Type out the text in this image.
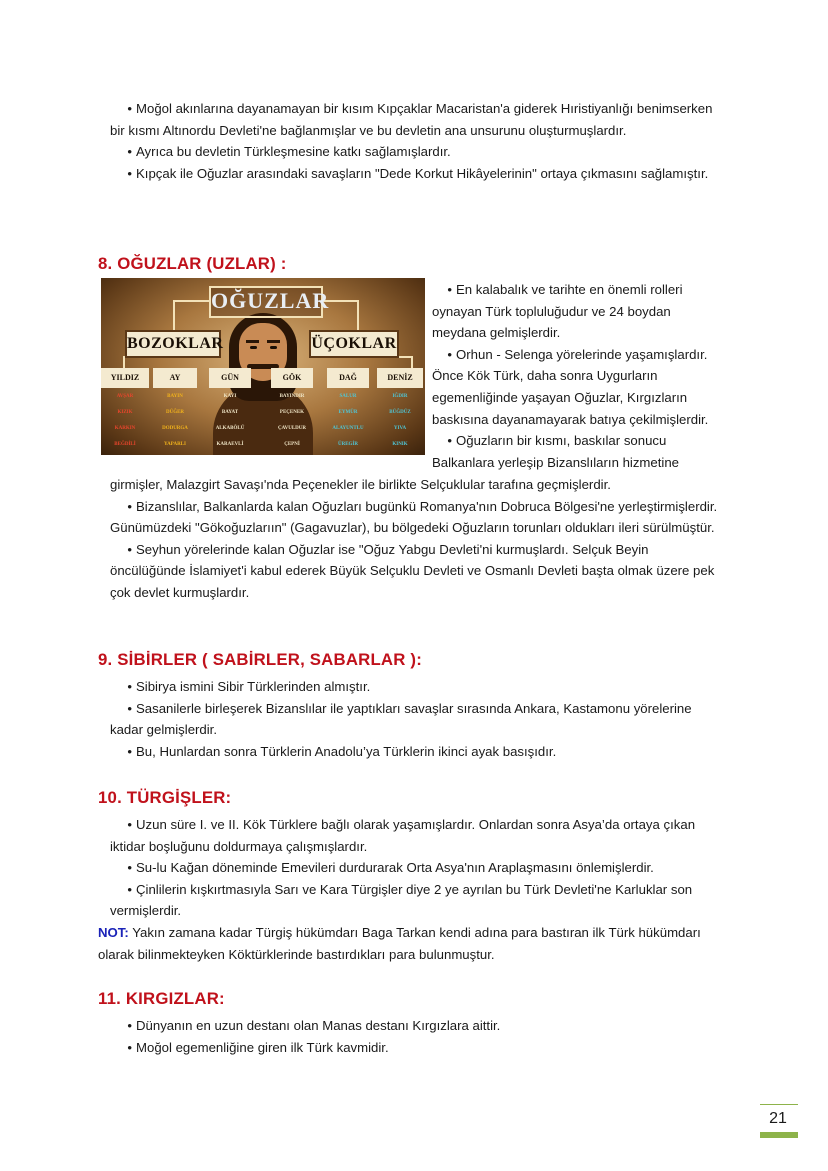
• Moğol akınlarına dayanamayan bir kısım Kıpçaklar Macaristan'a giderek Hıristiyanlığı benimserken bir kısmı Altınordu Devleti'ne bağlanmışlar ve bu devletin ana unsurunu oluşturmuşlardır.
• Ayrıca bu devletin Türkleşmesine katkı sağlamışlardır.
• Kıpçak ile Oğuzlar arasındaki savaşların "Dede Korkut Hikâyelerinin" ortaya çıkmasını sağlamıştır.
8. OĞUZLAR (UZLAR) :
OĞUZLAR
BOZOKLAR	ÜÇOKLAR
YILDIZ	AY	GÜN	GÖK	DAĞ	DENİZ
AVŞAR	BAYIN	KAYI	BAYINDIR	SALUR	IĞDIR
KIZIK	DÜĞER	BAYAT	PEÇENEK	EYMÜR	BÜĞDÜZ
KARKIN	DODURGA	ALKABÖLÜ	ÇAVULDUR	ALAYUNTLU	YIVA
BEĞDİLİ	YAPARLI	KARAEVLİ	ÇEPNİ	ÜREGİR	KINIK
• En kalabalık ve tarihte en önemli rolleri
oynayan Türk topluluğudur ve 24 boydan
meydana gelmişlerdir.
• Orhun - Selenga yörelerinde yaşamışlardır.
Önce Kök Türk, daha sonra Uygurların
egemenliğinde yaşayan Oğuzlar, Kırgızların
baskısına dayanamayarak batıya çekilmişlerdir.
• Oğuzların bir kısmı, baskılar sonucu
Balkanlara yerleşip Bizanslıların hizmetine
girmişler, Malazgirt Savaşı'nda Peçenekler ile birlikte Selçuklular tarafına geçmişlerdir.
• Bizanslılar, Balkanlarda kalan Oğuzları bugünkü Romanya'nın Dobruca Bölgesi'ne yerleştirmişlerdir. Günümüzdeki "Gökoğuzlarıın" (Gagavuzlar), bu bölgedeki Oğuzların torunları oldukları ileri sürülmüştür.
• Seyhun yörelerinde kalan Oğuzlar ise "Oğuz Yabgu Devleti'ni kurmuşlardı. Selçuk Beyin öncülüğünde İslamiyet'i kabul ederek Büyük Selçuklu Devleti ve Osmanlı Devleti başta olmak üzere pek çok devlet kurmuşlardır.
9. SİBİRLER ( SABİRLER, SABARLAR ):
• Sibirya ismini Sibir Türklerinden almıştır.
• Sasanilerle birleşerek Bizanslılar ile yaptıkları savaşlar sırasında Ankara, Kastamonu yörelerine kadar gelmişlerdir.
• Bu, Hunlardan sonra Türklerin Anadolu’ya Türklerin ikinci ayak basışıdır.
10. TÜRGİŞLER:
• Uzun süre I. ve II. Kök Türklere bağlı olarak yaşamışlardır. Onlardan sonra Asya’da ortaya çıkan iktidar boşluğunu doldurmaya çalışmışlardır.
• Su-lu Kağan döneminde Emevileri durdurarak Orta Asya'nın Araplaşmasını önlemişlerdir.
• Çinlilerin kışkırtmasıyla Sarı ve Kara Türgişler diye 2 ye ayrılan bu Türk Devleti'ne Karluklar son vermişlerdir.

NOT: Yakın zamana kadar Türgiş hükümdarı Baga Tarkan kendi adına para bastıran ilk Türk hükümdarı olarak bilinmekteyken Köktürklerinde bastırdıkları para bulunmuştur.

11. KIRGIZLAR:
• Dünyanın en uzun destanı olan Manas destanı Kırgızlara aittir.
• Moğol egemenliğine giren ilk Türk kavmidir.
21
